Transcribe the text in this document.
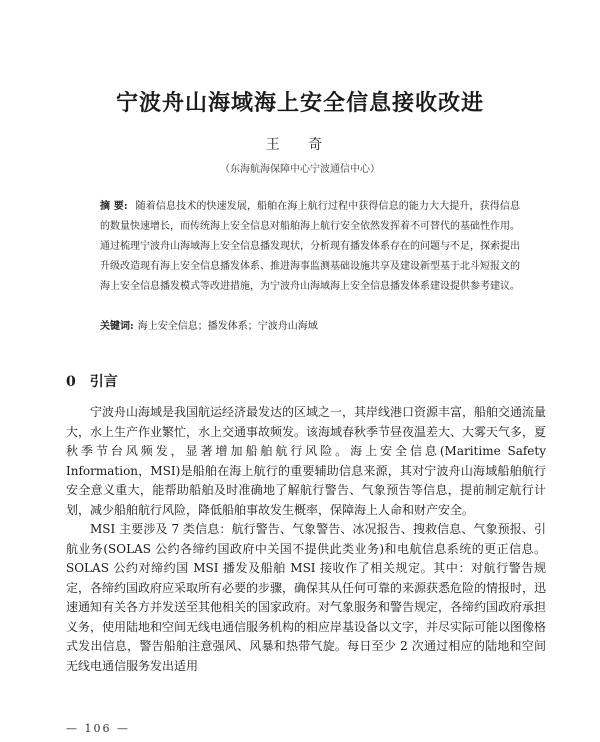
宁波舟山海域海上安全信息接收改进
王 奇
（东海航海保障中心宁波通信中心）
摘 要: 随着信息技术的快速发展，船舶在海上航行过程中获得信息的能力大大提升，获得信息的数量快速增长，而传统海上安全信息对船舶海上航行安全依然发挥着不可替代的基础性作用。通过梳理宁波舟山海域海上安全信息播发现状，分析现有播发体系存在的问题与不足，探索提出升级改造现有海上安全信息播发体系、推进海事监测基础设施共享及建设新型基于北斗短报文的海上安全信息播发模式等改进措施，为宁波舟山海域海上安全信息播发体系建设提供参考建议。
关键词: 海上安全信息；播发体系；宁波舟山海域
0 引言

宁波舟山海域是我国航运经济最发达的区域之一，其岸线港口资源丰富，船舶交通流量大，水上生产作业繁忙，水上交通事故频发。该海域春秋季节昼夜温差大、大雾天气多，夏秋季节台风频发，显著增加船舶航行风险。海上安全信息(Maritime Safety Information，MSI)是船舶在海上航行的重要辅助信息来源，其对宁波舟山海域船舶航行安全意义重大，能帮助船舶及时准确地了解航行警告、气象预告等信息，提前制定航行计划，减少船舶航行风险，降低船舶事故发生概率，保障海上人命和财产安全。

MSI 主要涉及 7 类信息：航行警告、气象警告、冰况报告、搜救信息、气象预报、引航业务(SOLAS 公约各缔约国政府中关国不提供此类业务)和电航信息系统的更正信息。SOLAS 公约对缔约国 MSI 播发及船舶 MSI 接收作了相关规定。其中：对航行警告规定，各缔约国政府应采取所有必要的步骤，确保其从任何可靠的来源获悉危险的情报时，迅速通知有关各方并发送至其他相关的国家政府。对气象服务和警告规定，各缔约国政府承担义务，使用陆地和空间无线电通信服务机构的相应岸基设备以文字，并尽实际可能以图像格式发出信息，警告船舶注意强风、风暴和热带气旋。每日至少 2 次通过相应的陆地和空间无线电通信服务发出适用

— 106 —
